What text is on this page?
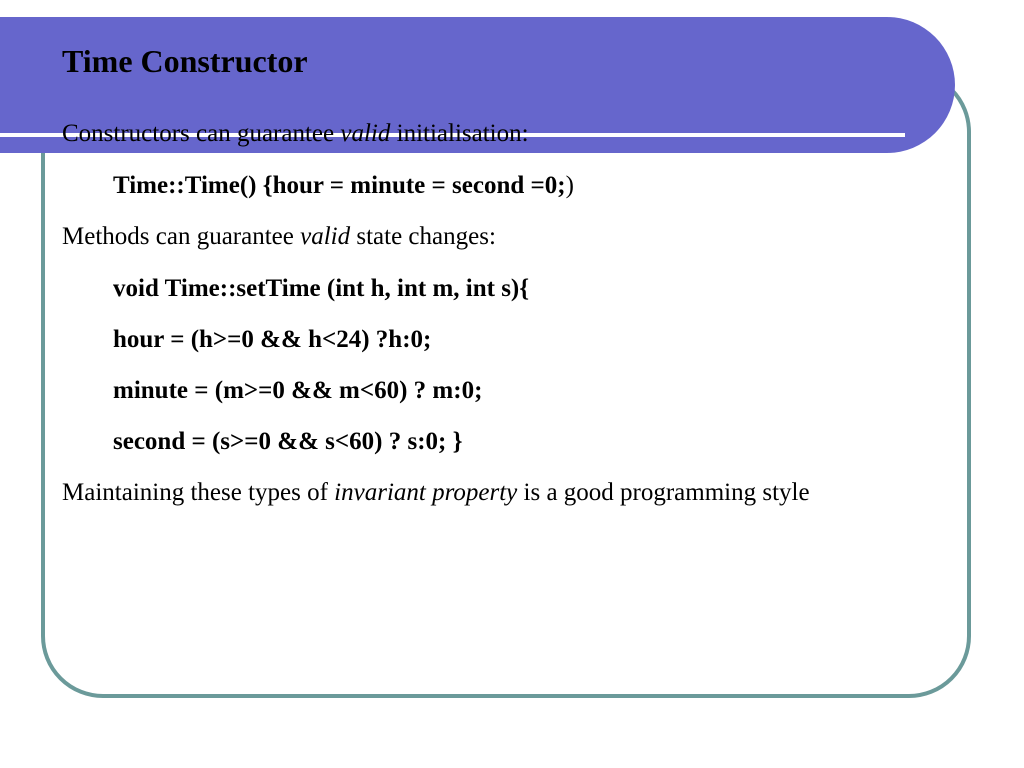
Time Constructor
Constructors can guarantee valid initialisation:
Time::Time() {hour = minute = second =0;)
Methods can guarantee valid state changes:
void Time::setTime (int h, int m, int s){
hour = (h>=0 && h<24) ?h:0;
minute = (m>=0 && m<60) ? m:0;
second = (s>=0 && s<60) ? s:0; }
Maintaining these types of invariant property is a good programming style
